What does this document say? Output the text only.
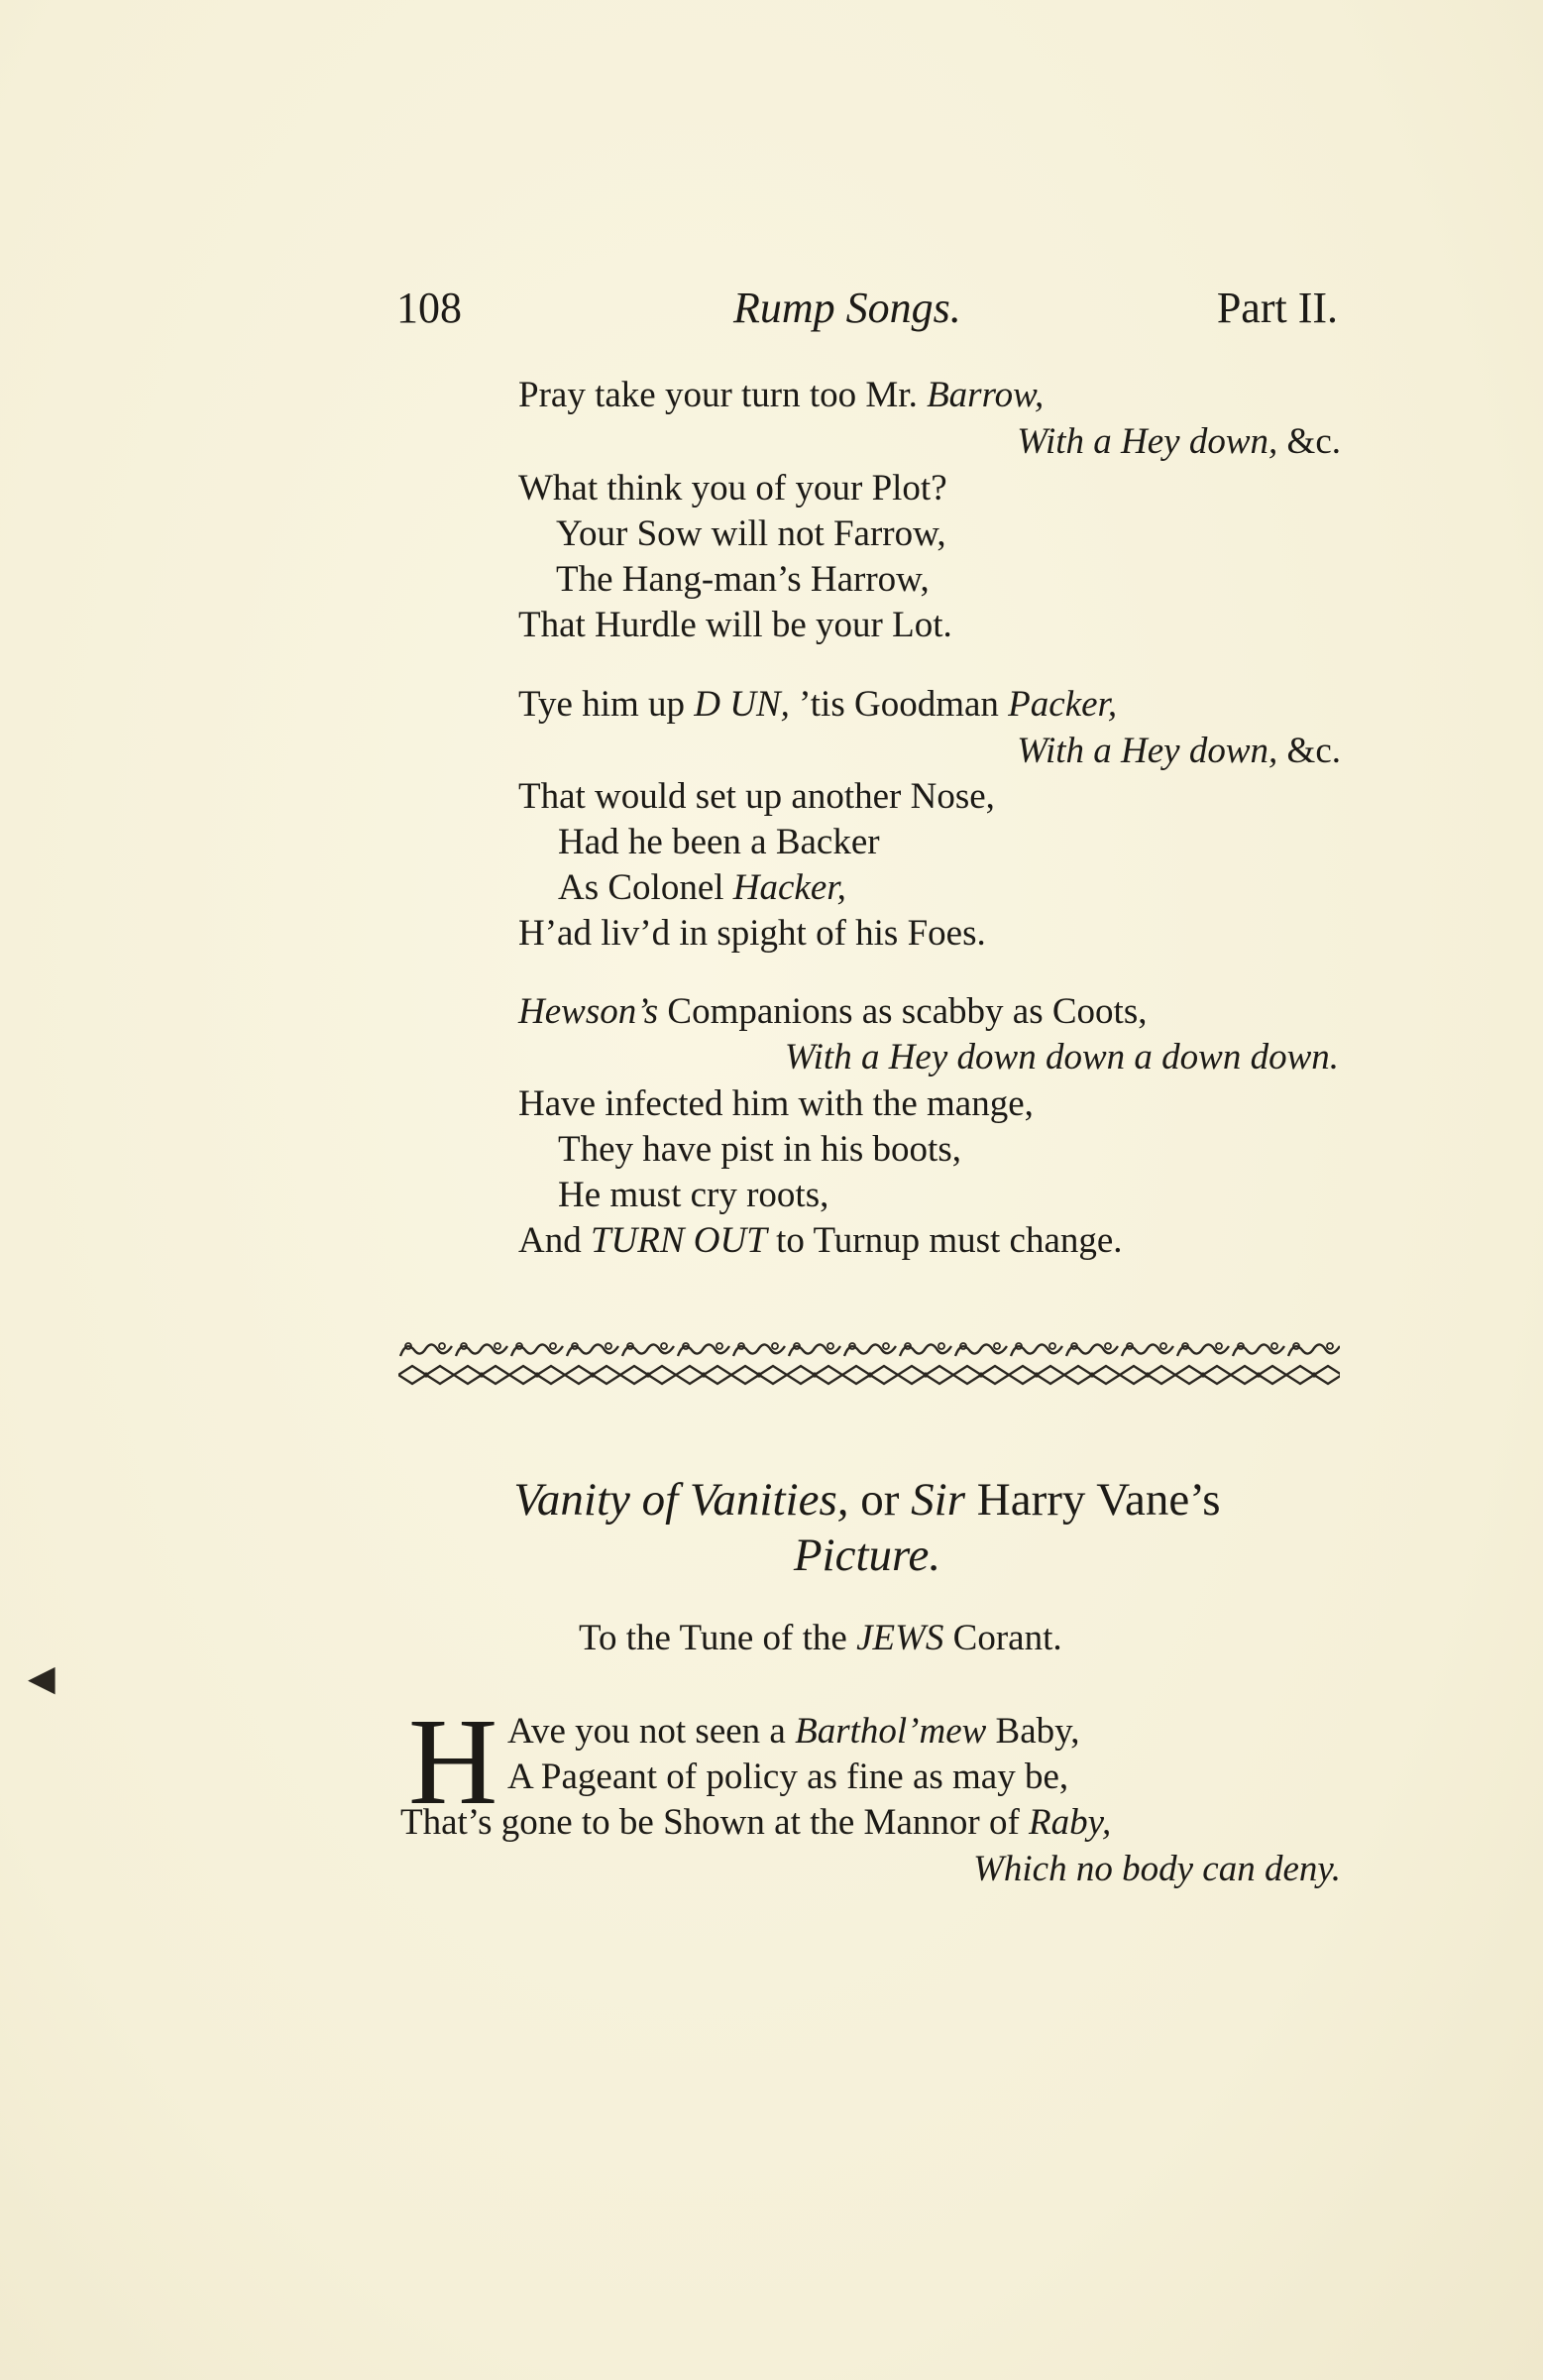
◀
108	Rump Songs.	Part II.
Pray take your turn too Mr. Barrow,
With a Hey down, &c.
What think you of your Plot?
Your Sow will not Farrow,
The Hang-man’s Harrow,
That Hurdle will be your Lot.
Tye him up D UN, ’tis Goodman Packer,
With a Hey down, &c.
That would set up another Nose,
Had he been a Backer
As Colonel Hacker,
H’ad liv’d in spight of his Foes.
Hewson’s Companions as scabby as Coots,
With a Hey down down a down down.
Have infected him with the mange,
They have pist in his boots,
He must cry roots,
And TURN OUT to Turnup must change.
Vanity of Vanities, or Sir Harry Vane’s
Picture.
To the Tune of the JEWS Corant.
H Ave you not seen a Barthol’mew Baby,
A Pageant of policy as fine as may be,
That’s gone to be Shown at the Mannor of Raby,
Which no body can deny.
